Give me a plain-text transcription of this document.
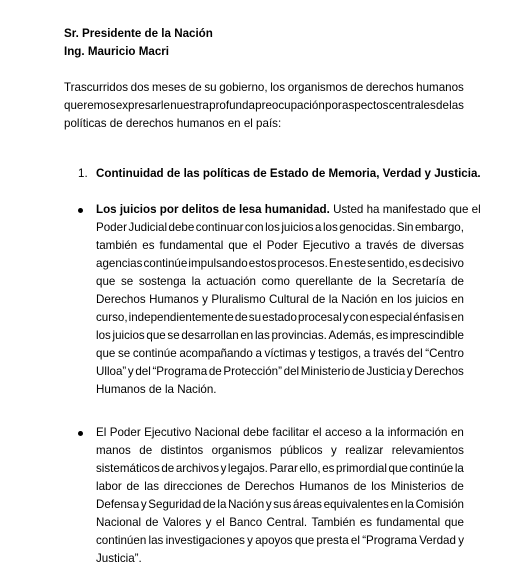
Sr. Presidente de la Nación
Ing. Mauricio Macri
Trascurridos dos meses de su gobierno, los organismos de derechos humanos
queremos expresarle nuestra profunda preocupación por aspectos centrales de las
políticas de derechos humanos en el país:
1. Continuidad de las políticas de Estado de Memoria, Verdad y Justicia.
Los juicios por delitos de lesa humanidad. Usted ha manifestado que el
Poder Judicial debe continuar con los juicios a los genocidas. Sin embargo,
también es fundamental que el Poder Ejecutivo a través de diversas
agencias continúe impulsando estos procesos. En este sentido, es decisivo
que se sostenga la actuación como querellante de la Secretaría de
Derechos Humanos y Pluralismo Cultural de la Nación en los juicios en
curso, independientemente de su estado procesal y con especial énfasis en
los juicios que se desarrollan en las provincias. Además, es imprescindible
que se continúe acompañando a víctimas y testigos, a través del “Centro
Ulloa” y del “Programa de Protección” del Ministerio de Justicia y Derechos
Humanos de la Nación.
El Poder Ejecutivo Nacional debe facilitar el acceso a la información en
manos de distintos organismos públicos y realizar relevamientos
sistemáticos de archivos y legajos. Parar ello, es primordial que continúe la
labor de las direcciones de Derechos Humanos de los Ministerios de
Defensa y Seguridad de la Nación y sus áreas equivalentes en la Comisión
Nacional de Valores y el Banco Central. También es fundamental que
continúen las investigaciones y apoyos que presta el “Programa Verdad y
Justicia”.
